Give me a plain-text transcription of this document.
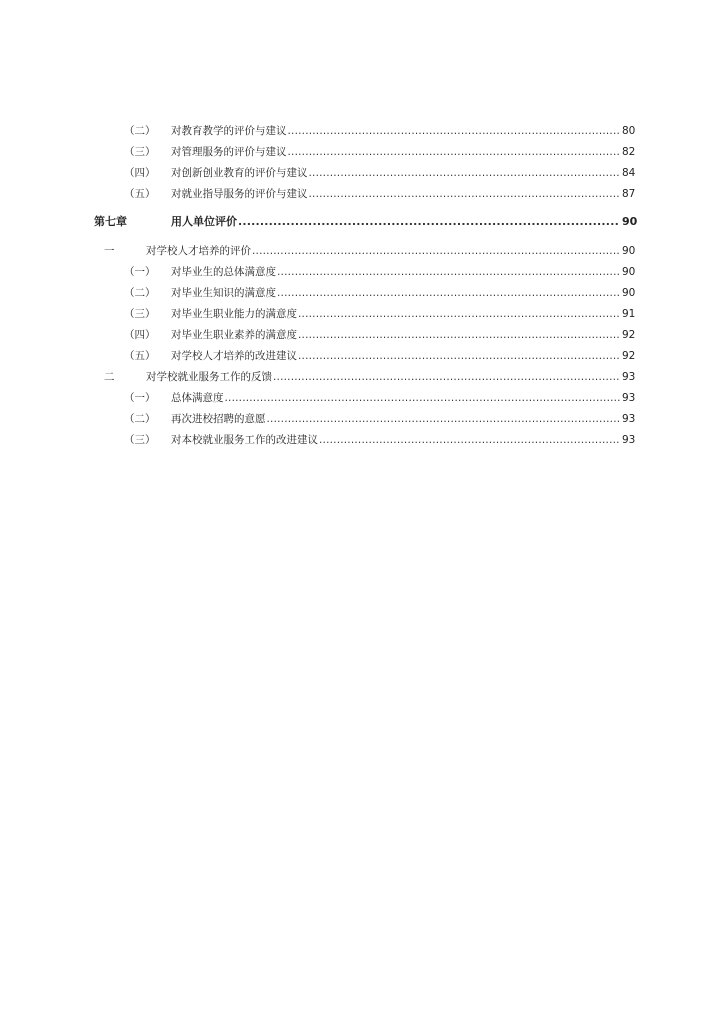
（二） 对教育教学的评价与建议 .....	80
（三） 对管理服务的评价与建议 .....	82
（四） 对创新创业教育的评价与建议 .....	84
（五） 对就业指导服务的评价与建议 .....	87
第七章	用人单位评价 .....	90
一	对学校人才培养的评价 .....	90
（一） 对毕业生的总体满意度 .....	90
（二） 对毕业生知识的满意度 .....	90
（三） 对毕业生职业能力的满意度 .....	91
（四） 对毕业生职业素养的满意度 .....	92
（五） 对学校人才培养的改进建议 .....	92
二	对学校就业服务工作的反馈 .....	93
（一） 总体满意度 .....	93
（二） 再次进校招聘的意愿 .....	93
（三） 对本校就业服务工作的改进建议 .....	93
